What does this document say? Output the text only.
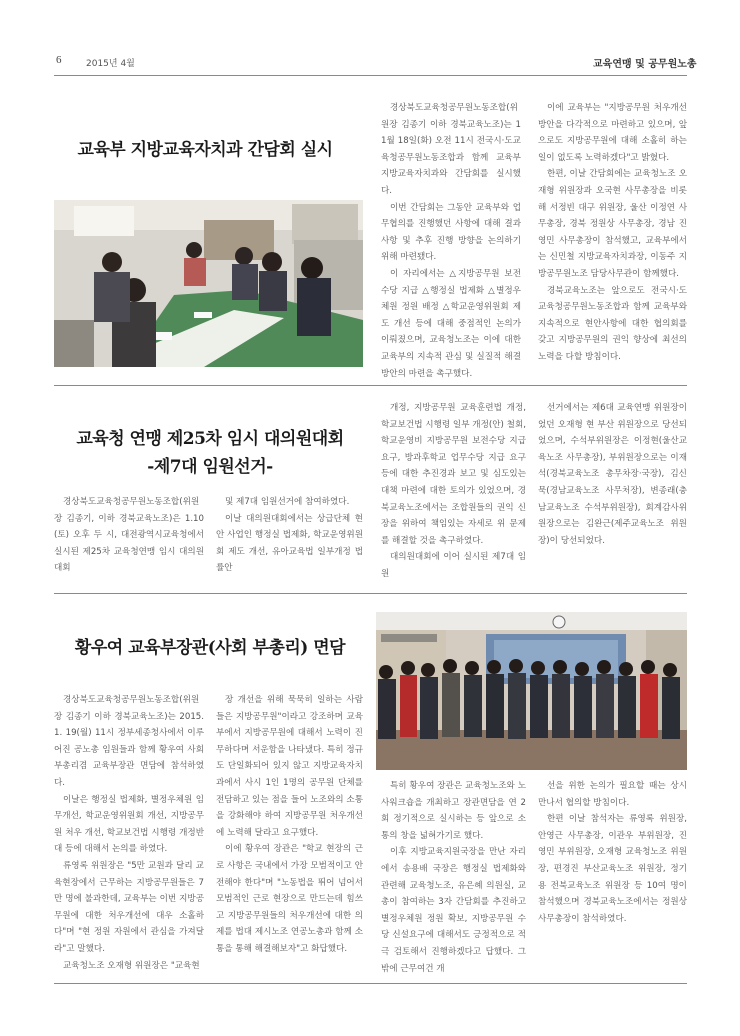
6	2015년 4월	교육연맹 및 공무원노총
교육부 지방교육자치과 간담회 실시

경상북도교육청공무원노동조합(위원장 김종기 이하 경북교육노조)는 11월 18일(화) 오전 11시 전국시·도교육청공무원노동조합과 함께 교육부 지방교육자치과와 간담회를 실시했다.

이번 간담회는 그동안 교육부와 업무협의를 진행했던 사항에 대해 결과사항 및 추후 진행 방향을 논의하기 위해 마련됐다.

이 자리에서는 △지방공무원 보전수당 지급 △행정실 법제화 △별정우체원 정원 배정 △학교운영위원회 제도 개선 등에 대해 중점적인 논의가 이뤄졌으며, 교육청노조는 이에 대한 교육부의 지속적 관심 및 실질적 해결방안의 마련을 촉구했다.

이에 교육부는 "지방공무원 처우개선 방안을 다각적으로 마련하고 있으며, 앞으로도 지방공무원에 대해 소홀히 하는 일이 없도록 노력하겠다"고 밝혔다.

한편, 이날 간담회에는 교육청노조 오재형 위원장과 오국현 사무총장을 비롯해 서정빈 대구 위원장, 울산 이정연 사무총장, 경북 정원상 사무총장, 경남 진영민 사무총장이 참석했고, 교육부에서는 신민철 지방교육자치과장, 이동주 지방공무원노조 담당사무관이 함께했다.

경북교육노조는 앞으로도 전국시·도교육청공무원노동조합과 함께 교육부와 지속적으로 현안사항에 대한 협의회를 갖고 지방공무원의 권익 향상에 최선의 노력을 다할 방침이다.

교육청 연맹 제25차 임시 대의원대회
-제7대 임원선거-

경상북도교육청공무원노동조합(위원장 김종기, 이하 경북교육노조)은 1.10(토) 오후 두 시, 대전광역시교육청에서 실시된 제25차 교육청연맹 임시 대의원대회

및 제7대 임원선거에 참여하였다.

이날 대의원대회에서는 상급단체 현안 사업인 행정실 법제화, 학교운영위원회 제도 개선, 유아교육법 일부개정 법률안

개정, 지방공무원 교육훈련법 개정, 학교보건법 시행령 일부 개정(안) 철회, 학교운영비 지방공무원 보전수당 지급 요구, 방과후학교 업무수당 지급 요구 등에 대한 추진경과 보고 및 심도있는 대책 마련에 대한 토의가 있었으며, 경북교육노조에서는 조합원들의 권익 신장을 위하여 책임있는 자세로 위 문제를 해결할 것을 촉구하였다.

대의원대회에 이어 실시된 제7대 임원

선거에서는 제6대 교육연맹 위원장이었던 오재형 현 부산 위원장으로 당선되었으며, 수석부위원장은 이정현(울산교육노조 사무총장), 부위원장으로는 이재석(경북교육노조 총무차장·국장), 김신묵(경남교육노조 사무처장), 변종래(충남교육노조 수석부위원장), 회계감사위원장으로는 김완근(제주교육노조 위원장)이 당선되었다.

황우여 교육부장관(사회 부총리) 면담

경상북도교육청공무원노동조합(위원장 김종기 이하 경북교육노조)는 2015. 1. 19(월) 11시 정부세종청사에서 이루어진 공노총 임원들과 함께 황우여 사회부총리겸 교육부장관 면담에 참석하였다.

이날은 행정실 법제화, 별정우체원 임무개선, 학교운영위원회 개선, 지방공무원 처우 개선, 학교보건법 시행령 개정반대 등에 대해서 논의를 하였다.

류영록 위원장은 "5만 교원과 달리 교육현장에서 근무하는 지방공무원들은 7만 명에 불과한데, 교육부는 이번 지방공무원에 대한 처우개선에 대우 소홀하다"며 "현 정원 자원에서 관심을 가져달라"고 말했다.

교육청노조 오재형 위원장은 "교육현

장 개선을 위해 묵묵히 일하는 사람들은 지방공무원"이라고 강조하며 교육부에서 지방공무원에 대해서 노력이 진무하다며 서운함을 나타냈다. 특히 정규도 단일화되어 있지 않고 지방교육자치과에서 사시 1인 1명의 공무원 단체를 전담하고 있는 점을 들어 노조와의 소통을 강화해야 하여 지방공무원 처우개선에 노력해 달라고 요구했다.

이에 황우여 장관은 "학교 현장의 근로 사항은 국내에서 가장 모범적이고 안전해야 한다"며 "노동법을 뛰어 넘어서 모범적인 근로 현장으로 만드는데 힘쓰고 지방공무원들의 처우개선에 대한 의제를 법대 제시노조 연공노총과 함께 소통을 통해 해결해보자"고 화답했다.

특히 황우여 장관은 교육청노조와 노사워크숍을 개최하고 장관면담을 연 2회 정기적으로 실시하는 등 앞으로 소통의 창을 넓혀가기로 했다.

이후 지방교육지원국장을 만난 자리에서 송용배 국장은 행정실 법제화와 관련해 교육청노조, 유은혜 의원실, 교총이 참여하는 3자 간담회를 추진하고 별정우체원 정원 확보, 지방공무원 수당 신설요구에 대해서도 긍정적으로 적극 검토해서 진행하겠다고 답했다. 그 밖에 근무여건 개

선을 위한 논의가 필요할 때는 상시 만나서 협의할 방침이다.

한편 이날 참석자는 류영록 위원장, 안영근 사무총장, 이관우 부위원장, 진영민 부위원장, 오재형 교육청노조 위원장, 편경진 부산교육노조 위원장, 정기용 전북교육노조 위원장 등 10여 명이 참석했으며 경북교육노조에서는 정원상 사무총장이 참석하였다.
